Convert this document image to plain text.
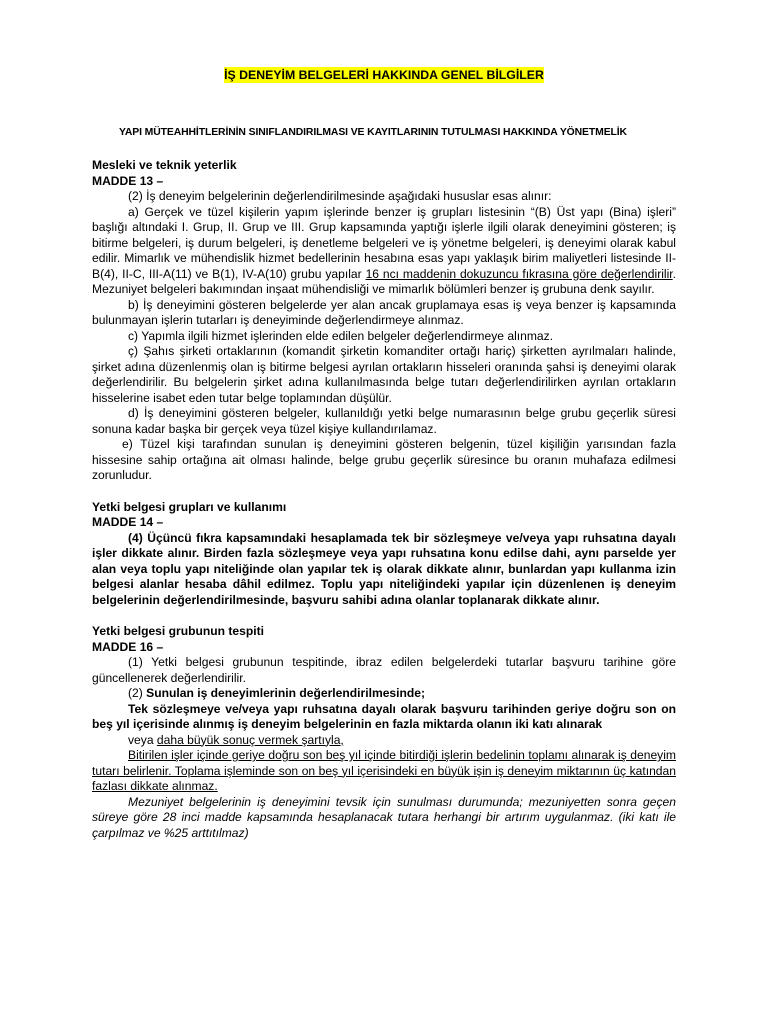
İŞ DENEYİM BELGELERİ HAKKINDA GENEL BİLGİLER
YAPI MÜTEAHHİTLERİNİN SINIFLANDIRILMASI VE KAYITLARININ TUTULMASI HAKKINDA YÖNETMELİK

Mesleki ve teknik yeterlik

MADDE 13 –

(2) İş deneyim belgelerinin değerlendirilmesinde aşağıdaki hususlar esas alınır:

a) Gerçek ve tüzel kişilerin yapım işlerinde benzer iş grupları listesinin “(B) Üst yapı (Bina) işleri” başlığı altındaki I. Grup, II. Grup ve III. Grup kapsamında yaptığı işlerle ilgili olarak deneyimini gösteren; iş bitirme belgeleri, iş durum belgeleri, iş denetleme belgeleri ve iş yönetme belgeleri, iş deneyimi olarak kabul edilir. Mimarlık ve mühendislik hizmet bedellerinin hesabına esas yapı yaklaşık birim maliyetleri listesinde II-B(4), II-C, III-A(11) ve B(1), IV-A(10) grubu yapılar 16 ncı maddenin dokuzuncu fıkrasına göre değerlendirilir. Mezuniyet belgeleri bakımından inşaat mühendisliği ve mimarlık bölümleri benzer iş grubuna denk sayılır.

b) İş deneyimini gösteren belgelerde yer alan ancak gruplamaya esas iş veya benzer iş kapsamında bulunmayan işlerin tutarları iş deneyiminde değerlendirmeye alınmaz.

c) Yapımla ilgili hizmet işlerinden elde edilen belgeler değerlendirmeye alınmaz.

ç) Şahıs şirketi ortaklarının (komandit şirketin komanditer ortağı hariç) şirketten ayrılmaları halinde, şirket adına düzenlenmiş olan iş bitirme belgesi ayrılan ortakların hisseleri oranında şahsi iş deneyimi olarak değerlendirilir. Bu belgelerin şirket adına kullanılmasında belge tutarı değerlendirilirken ayrılan ortakların hisselerine isabet eden tutar belge toplamından düşülür.

d) İş deneyimini gösteren belgeler, kullanıldığı yetki belge numarasının belge grubu geçerlik süresi sonuna kadar başka bir gerçek veya tüzel kişiye kullandırılamaz.

e) Tüzel kişi tarafından sunulan iş deneyimini gösteren belgenin, tüzel kişiliğin yarısından fazla hissesine sahip ortağına ait olması halinde, belge grubu geçerlik süresince bu oranın muhafaza edilmesi zorunludur.

Yetki belgesi grupları ve kullanımı

MADDE 14 –

(4) Üçüncü fıkra kapsamındaki hesaplamada tek bir sözleşmeye ve/veya yapı ruhsatına dayalı işler dikkate alınır. Birden fazla sözleşmeye veya yapı ruhsatına konu edilse dahi, aynı parselde yer alan veya toplu yapı niteliğinde olan yapılar tek iş olarak dikkate alınır, bunlardan yapı kullanma izin belgesi alanlar hesaba dâhil edilmez. Toplu yapı niteliğindeki yapılar için düzenlenen iş deneyim belgelerinin değerlendirilmesinde, başvuru sahibi adına olanlar toplanarak dikkate alınır.

Yetki belgesi grubunun tespiti

MADDE 16 –

(1) Yetki belgesi grubunun tespitinde, ibraz edilen belgelerdeki tutarlar başvuru tarihine göre güncellenerek değerlendirilir.

(2) Sunulan iş deneyimlerinin değerlendirilmesinde;

Tek sözleşmeye ve/veya yapı ruhsatına dayalı olarak başvuru tarihinden geriye doğru son on beş yıl içerisinde alınmış iş deneyim belgelerinin en fazla miktarda olanın iki katı alınarak

veya daha büyük sonuç vermek şartıyla,

Bitirilen işler içinde geriye doğru son beş yıl içinde bitirdiği işlerin bedelinin toplamı alınarak iş deneyim tutarı belirlenir. Toplama işleminde son on beş yıl içerisindeki en büyük işin iş deneyim miktarının üç katından fazlası dikkate alınmaz.

Mezuniyet belgelerinin iş deneyimini tevsik için sunulması durumunda; mezuniyetten sonra geçen süreye göre 28 inci madde kapsamında hesaplanacak tutara herhangi bir artırım uygulanmaz. (iki katı ile çarpılmaz ve %25 arttıtılmaz)
